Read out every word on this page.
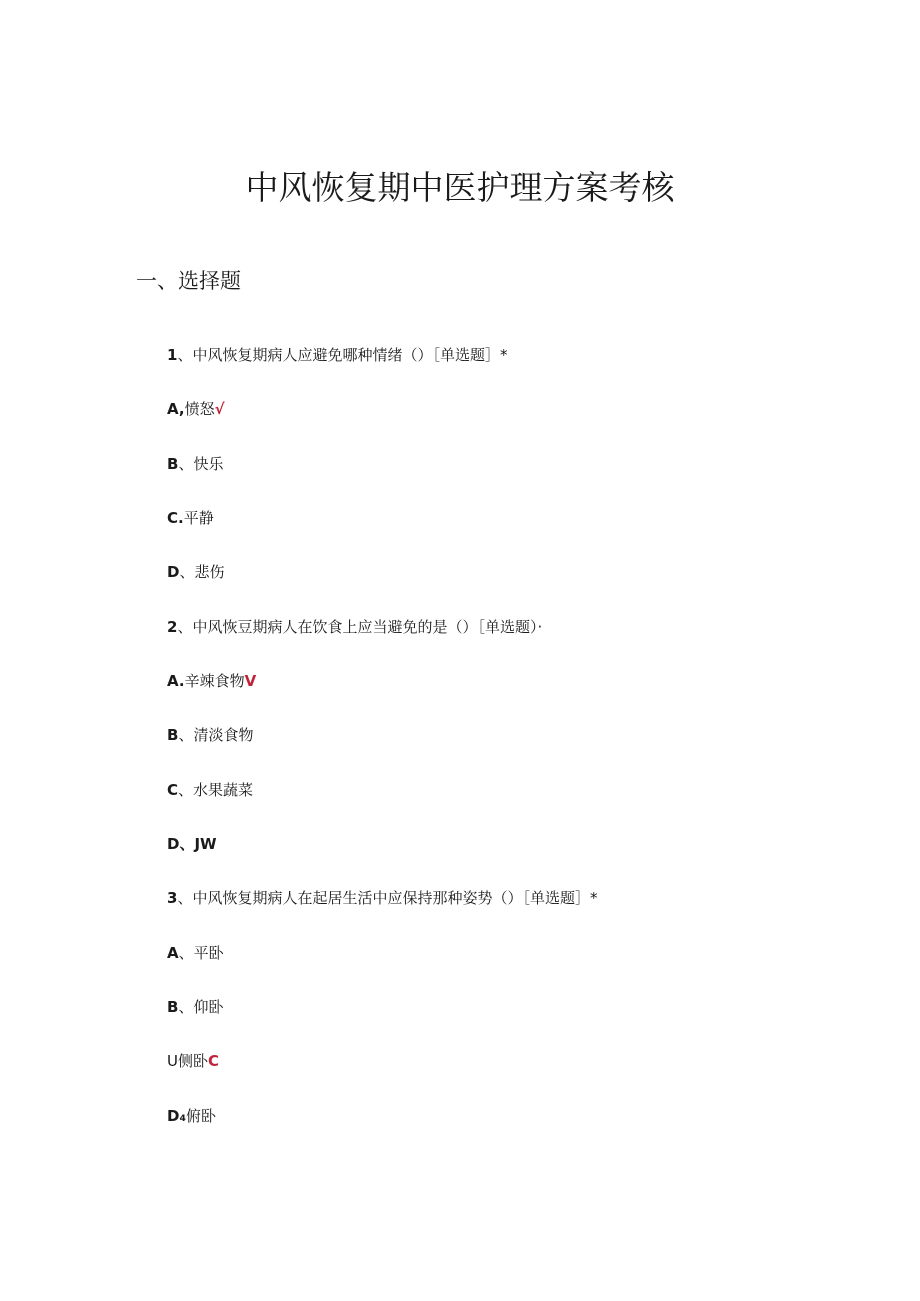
中风恢复期中医护理方案考核
一、选择题
1、中风恢复期病人应避免哪种情绪（）［单选题］*
A,愤怒√
B、快乐
C.平静
D、悲伤
2、中风恢豆期病人在饮食上应当避免的是（）［单选题）·
A.辛竦食物V
B、清淡食物
C、水果蔬菜
D、JW
3、中风恢复期病人在起居生活中应保持那种姿势（）［单选题］*
A、平卧
B、仰卧
U侧卧C
D₄俯卧
